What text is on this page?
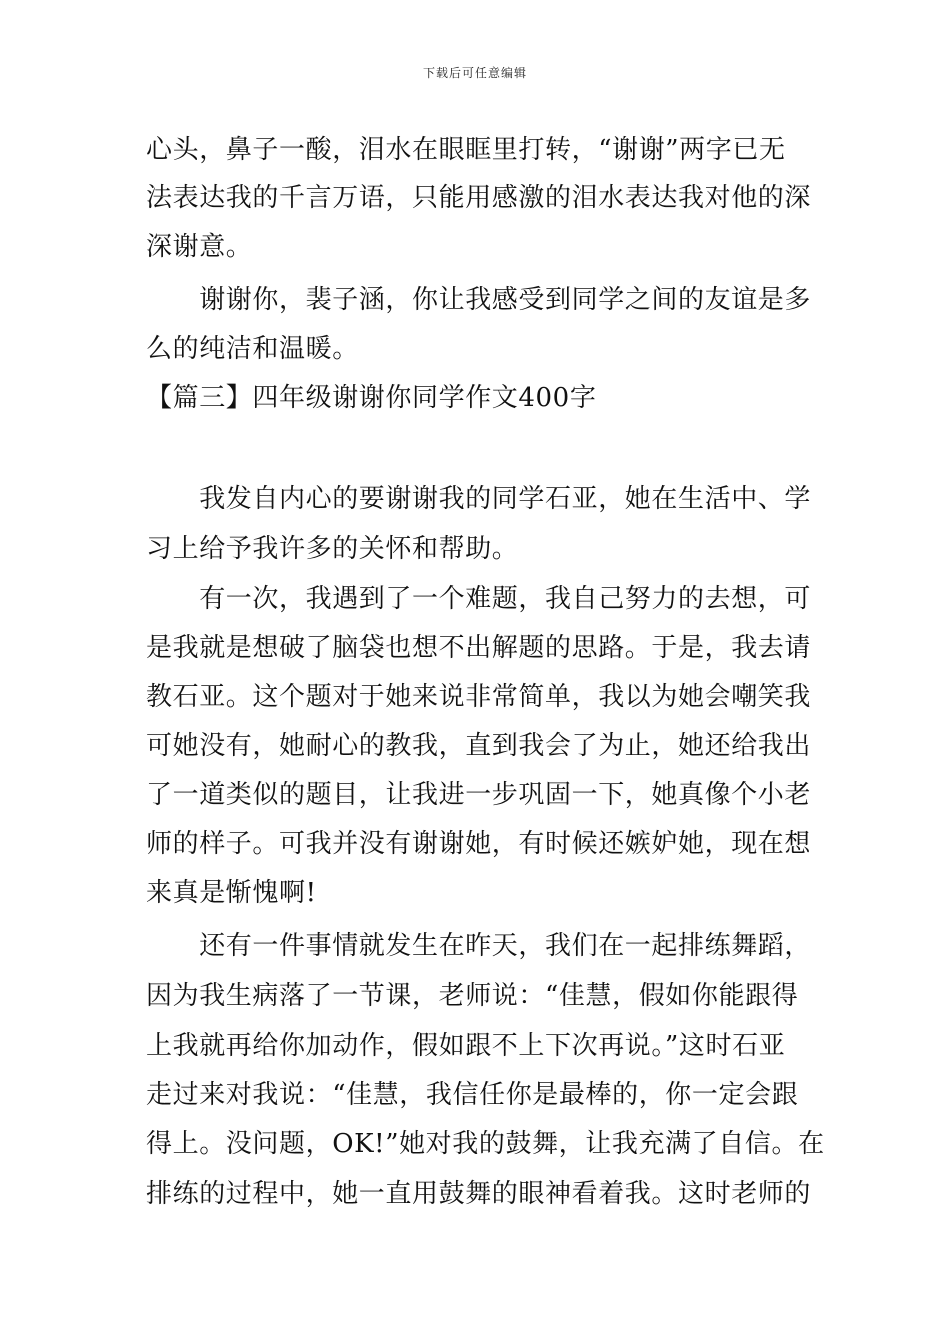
下载后可任意编辑
心头，鼻子一酸，泪水在眼眶里打转，“谢谢”两字已无
法表达我的千言万语，只能用感激的泪水表达我对他的深
深谢意。
　　谢谢你，裴子涵，你让我感受到同学之间的友谊是多
么的纯洁和温暖。
【篇三】四年级谢谢你同学作文400字
　　我发自内心的要谢谢我的同学石亚，她在生活中、学
习上给予我许多的关怀和帮助。
　　有一次，我遇到了一个难题，我自己努力的去想，可
是我就是想破了脑袋也想不出解题的思路。于是，我去请
教石亚。这个题对于她来说非常简单，我以为她会嘲笑我
可她没有，她耐心的教我，直到我会了为止，她还给我出
了一道类似的题目，让我进一步巩固一下，她真像个小老
师的样子。可我并没有谢谢她，有时候还嫉妒她，现在想
来真是惭愧啊!
　　还有一件事情就发生在昨天，我们在一起排练舞蹈，
因为我生病落了一节课，老师说：“佳慧，假如你能跟得
上我就再给你加动作，假如跟不上下次再说。”这时石亚
走过来对我说：“佳慧，我信任你是最棒的，你一定会跟
得上。没问题，OK!”她对我的鼓舞，让我充满了自信。在
排练的过程中，她一直用鼓舞的眼神看着我。这时老师的
